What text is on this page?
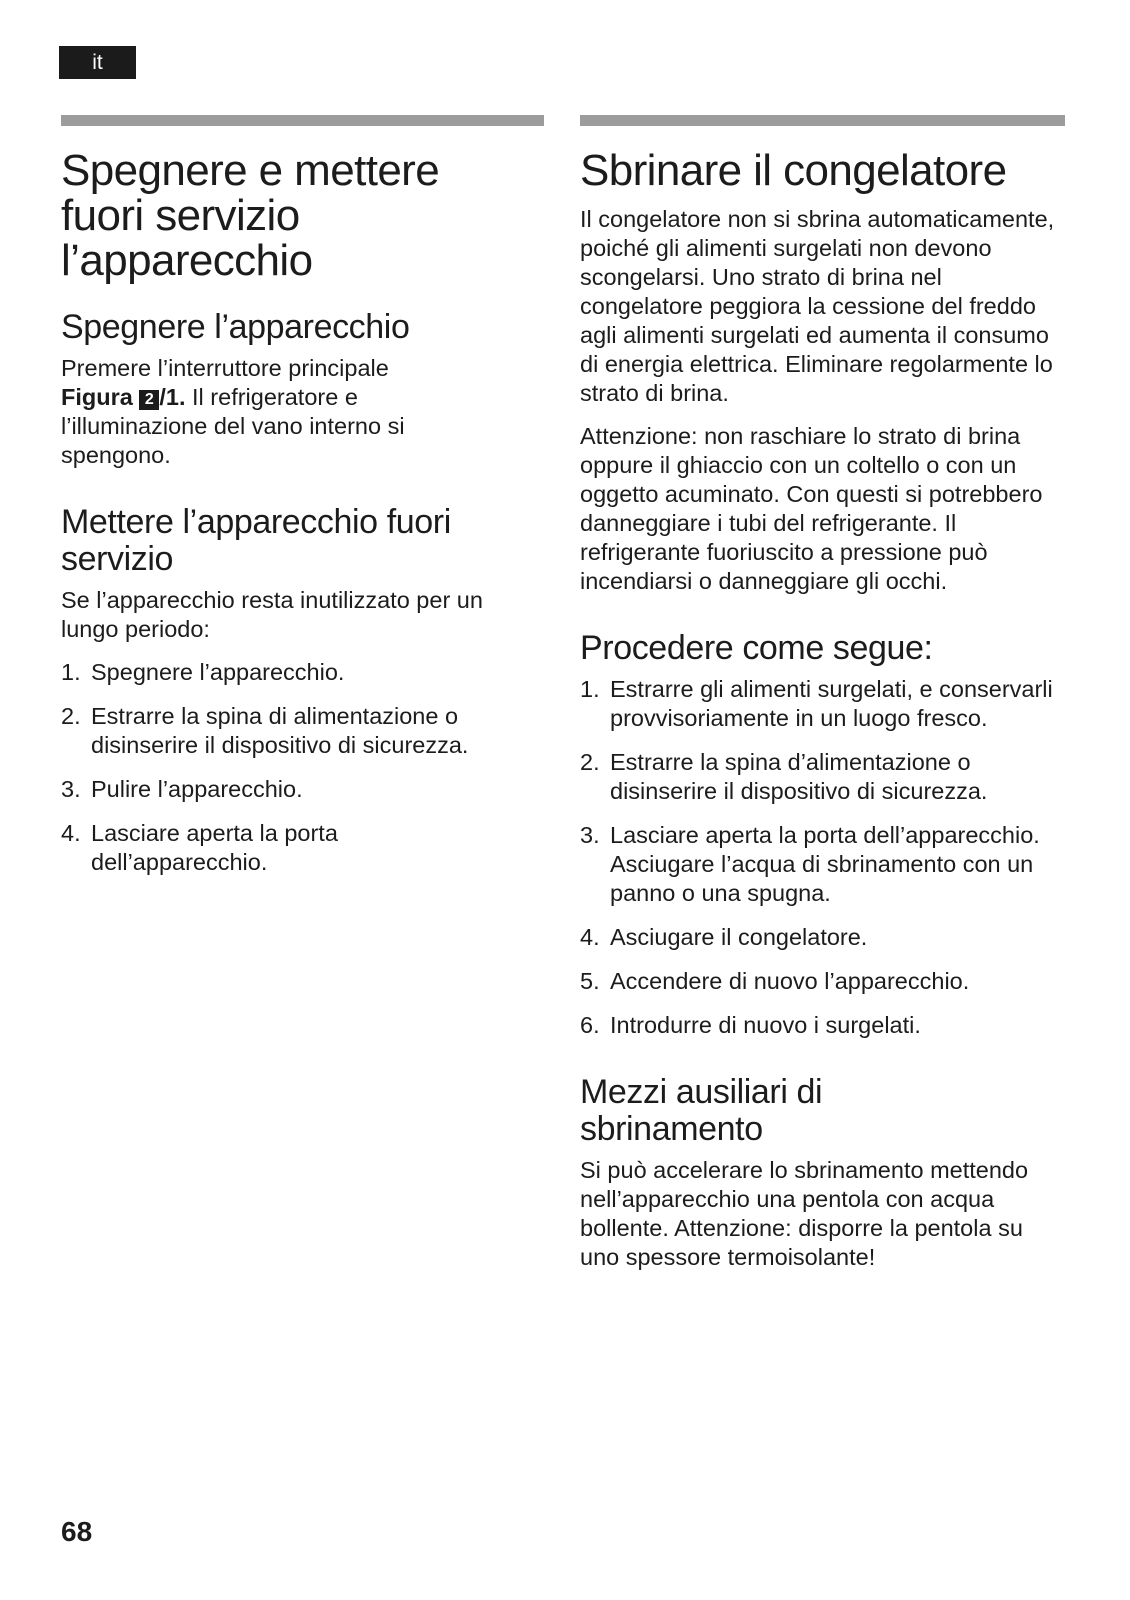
it
Spegnere e mettere fuori servizio l’apparecchio
Spegnere l’apparecchio

Premere l’interruttore principale Figura 2 /1. Il refrigeratore e l’illuminazione del vano interno si spengono.

Mettere l’apparecchio fuori servizio

Se l’apparecchio resta inutilizzato per un lungo periodo:

1. Spegnere l’apparecchio.
2. Estrarre la spina di alimentazione o disinserire il dispositivo di sicurezza.
3. Pulire l’apparecchio.
4. Lasciare aperta la porta dell’apparecchio.
Sbrinare il congelatore

Il congelatore non si sbrina automaticamente, poiché gli alimenti surgelati non devono scongelarsi. Uno strato di brina nel congelatore peggiora la cessione del freddo agli alimenti surgelati ed aumenta il consumo di energia elettrica. Eliminare regolarmente lo strato di brina.

Attenzione: non raschiare lo strato di brina oppure il ghiaccio con un coltello o con un oggetto acuminato. Con questi si potrebbero danneggiare i tubi del refrigerante. Il refrigerante fuoriuscito a pressione può incendiarsi o danneggiare gli occhi.

Procedere come segue:
1. Estrarre gli alimenti surgelati, e conservarli provvisoriamente in un luogo fresco.
2. Estrarre la spina d’alimentazione o disinserire il dispositivo di sicurezza.
3. Lasciare aperta la porta dell’apparecchio. Asciugare l’acqua di sbrinamento con un panno o una spugna.
4. Asciugare il congelatore.
5. Accendere di nuovo l’apparecchio.
6. Introdurre di nuovo i surgelati.
Mezzi ausiliari di sbrinamento

Si può accelerare lo sbrinamento mettendo nell’apparecchio una pentola con acqua bollente. Attenzione: disporre la pentola su uno spessore termoisolante!

68
